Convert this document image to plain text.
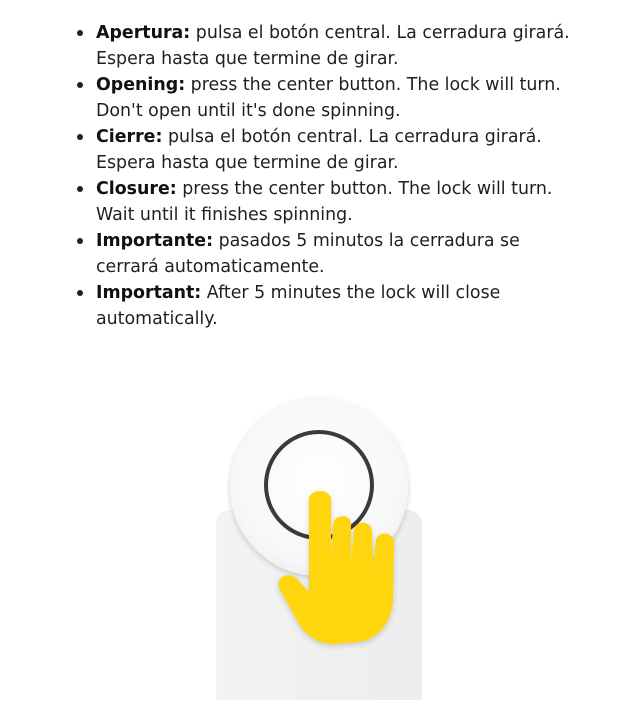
Apertura: pulsa el botón central. La cerradura girará. Espera hasta que termine de girar.
Opening: press the center button. The lock will turn. Don't open until it's done spinning.
Cierre: pulsa el botón central. La cerradura girará. Espera hasta que termine de girar.
Closure: press the center button. The lock will turn. Wait until it finishes spinning.
Importante: pasados 5 minutos la cerradura se cerrará automaticamente.
Important: After 5 minutes the lock will close automatically.
